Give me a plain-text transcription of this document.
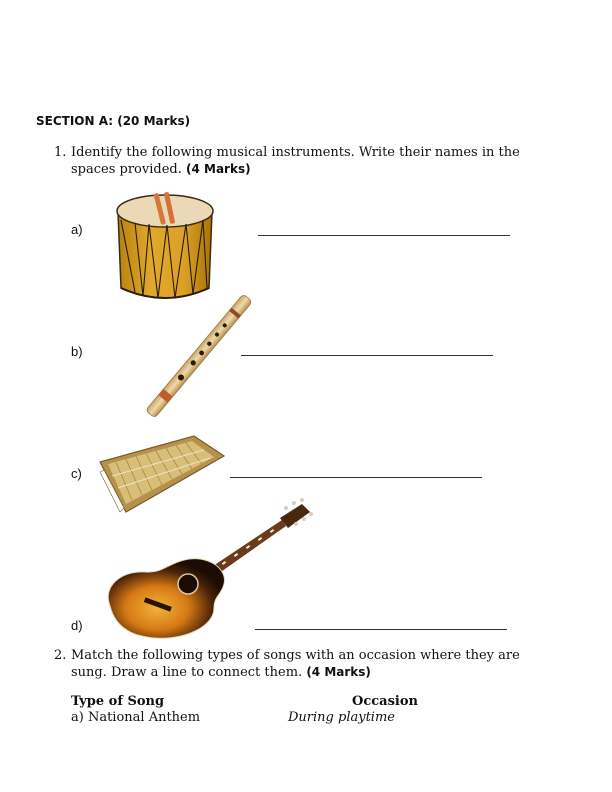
SECTION A: (20 Marks)
1. Identify the following musical instruments. Write their names in the
spaces provided. (4 Marks)
a)
b)
c)
d)
2. Match the following types of songs with an occasion where they are
sung. Draw a line to connect them. (4 Marks)
Type of Song	Occasion
a) National Anthem	During playtime
